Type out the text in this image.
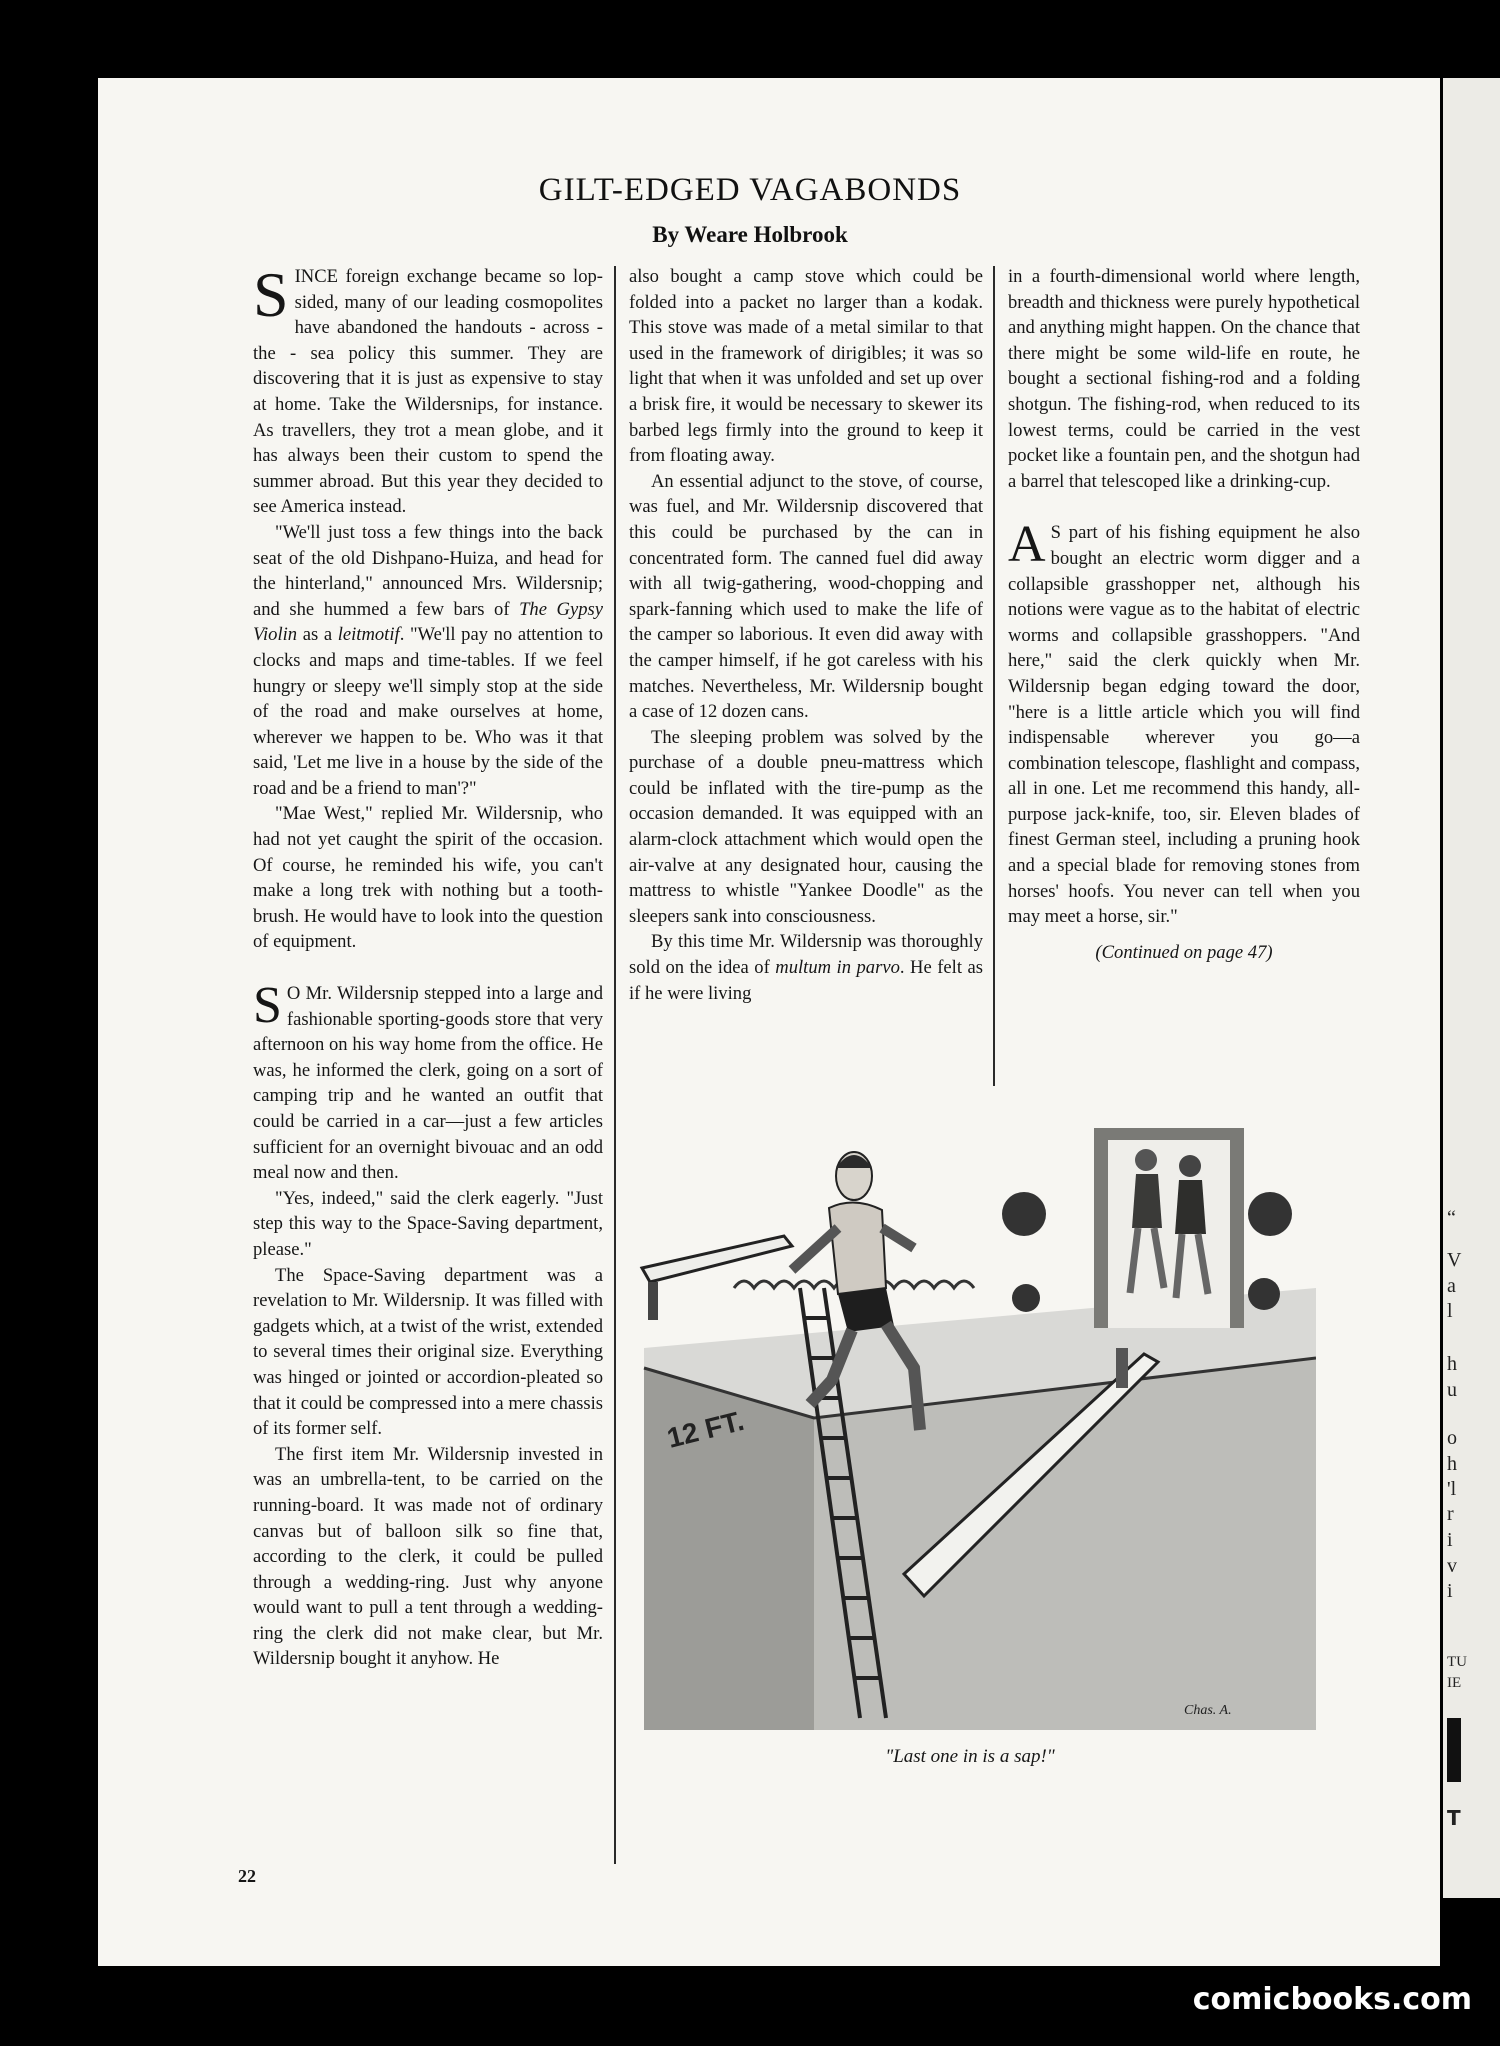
“
V
a
l
h
u
o
h
'l
r
i
v
i
TU
IE
T
GILT-EDGED VAGABONDS
By Weare Holbrook

SINCE foreign exchange became so lop-sided, many of our leading cosmopolites have abandoned the handouts - across - the - sea policy this summer. They are discovering that it is just as expensive to stay at home. Take the Wildersnips, for instance. As travellers, they trot a mean globe, and it has always been their custom to spend the summer abroad. But this year they decided to see America instead.

"We'll just toss a few things into the back seat of the old Dishpano-Huiza, and head for the hinterland," announced Mrs. Wildersnip; and she hummed a few bars of The Gypsy Violin as a leitmotif. "We'll pay no attention to clocks and maps and time-tables. If we feel hungry or sleepy we'll simply stop at the side of the road and make ourselves at home, wherever we happen to be. Who was it that said, 'Let me live in a house by the side of the road and be a friend to man'?"

"Mae West," replied Mr. Wildersnip, who had not yet caught the spirit of the occasion. Of course, he reminded his wife, you can't make a long trek with nothing but a tooth-brush. He would have to look into the question of equipment.

S O Mr. Wildersnip stepped into a large and fashionable sporting-goods store that very afternoon on his way home from the office. He was, he informed the clerk, going on a sort of camping trip and he wanted an outfit that could be carried in a car—just a few articles sufficient for an overnight bivouac and an odd meal now and then.

"Yes, indeed," said the clerk eagerly. "Just step this way to the Space-Saving department, please."

The Space-Saving department was a revelation to Mr. Wildersnip. It was filled with gadgets which, at a twist of the wrist, extended to several times their original size. Everything was hinged or jointed or accordion-pleated so that it could be compressed into a mere chassis of its former self.

The first item Mr. Wildersnip invested in was an umbrella-tent, to be carried on the running-board. It was made not of ordinary canvas but of balloon silk so fine that, according to the clerk, it could be pulled through a wedding-ring. Just why anyone would want to pull a tent through a wedding-ring the clerk did not make clear, but Mr. Wildersnip bought it anyhow. He

also bought a camp stove which could be folded into a packet no larger than a kodak. This stove was made of a metal similar to that used in the framework of dirigibles; it was so light that when it was unfolded and set up over a brisk fire, it would be necessary to skewer its barbed legs firmly into the ground to keep it from floating away.

An essential adjunct to the stove, of course, was fuel, and Mr. Wildersnip discovered that this could be purchased by the can in concentrated form. The canned fuel did away with all twig-gathering, wood-chopping and spark-fanning which used to make the life of the camper so laborious. It even did away with the camper himself, if he got careless with his matches. Nevertheless, Mr. Wildersnip bought a case of 12 dozen cans.

The sleeping problem was solved by the purchase of a double pneu-mattress which could be inflated with the tire-pump as the occasion demanded. It was equipped with an alarm-clock attachment which would open the air-valve at any designated hour, causing the mattress to whistle "Yankee Doodle" as the sleepers sank into consciousness.

By this time Mr. Wildersnip was thoroughly sold on the idea of multum in parvo. He felt as if he were living

in a fourth-dimensional world where length, breadth and thickness were purely hypothetical and anything might happen. On the chance that there might be some wild-life en route, he bought a sectional fishing-rod and a folding shotgun. The fishing-rod, when reduced to its lowest terms, could be carried in the vest pocket like a fountain pen, and the shotgun had a barrel that telescoped like a drinking-cup.

A S part of his fishing equipment he also bought an electric worm digger and a collapsible grasshopper net, although his notions were vague as to the habitat of electric worms and collapsible grasshoppers. "And here," said the clerk quickly when Mr. Wildersnip began edging toward the door, "here is a little article which you will find indispensable wherever you go—a combination telescope, flashlight and compass, all in one. Let me recommend this handy, all-purpose jack-knife, too, sir. Eleven blades of finest German steel, including a pruning hook and a special blade for removing stones from horses' hoofs. You never can tell when you may meet a horse, sir."

(Continued on page 47)

12 FT.
Chas. A.
"Last one in is a sap!"
22
comicbooks.com
